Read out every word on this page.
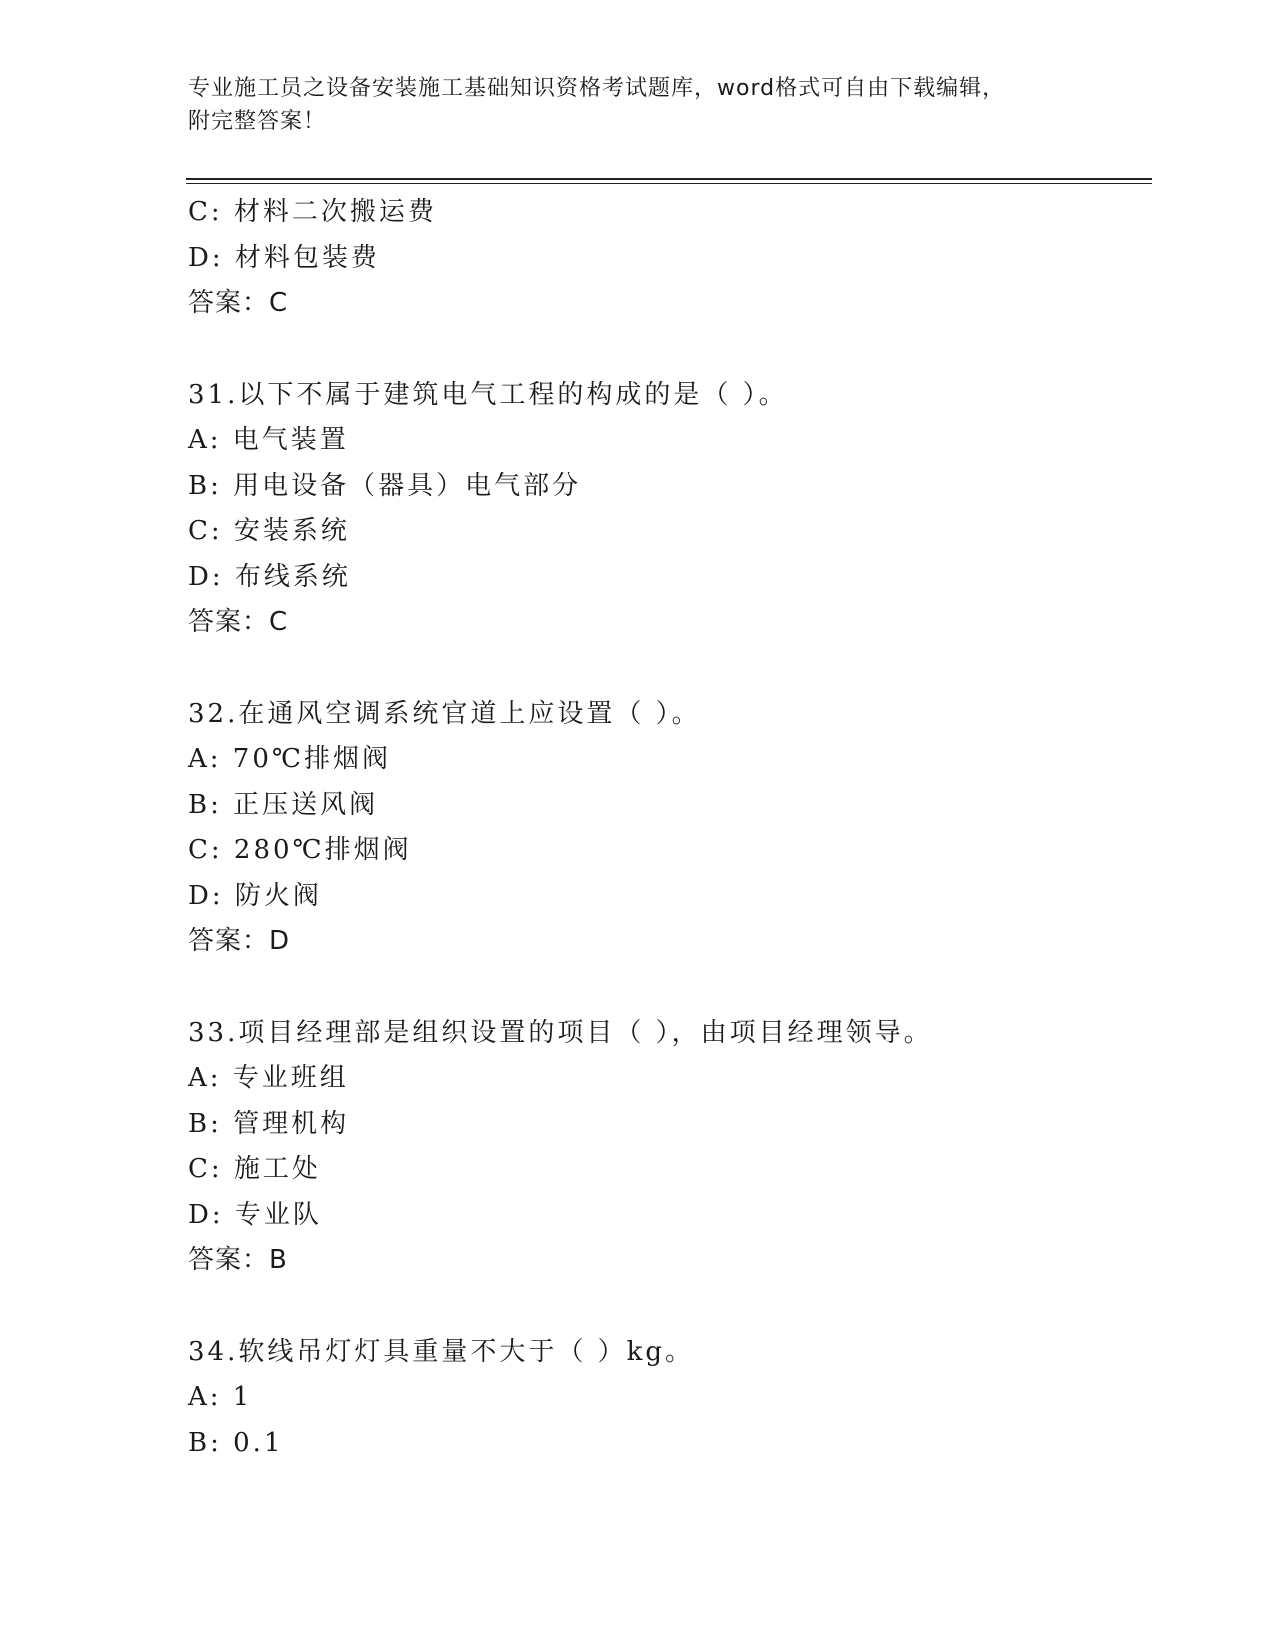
专业施工员之设备安装施工基础知识资格考试题库，word格式可自由下载编辑，
附完整答案！
C: 材料二次搬运费
D: 材料包装费
答案：C
31.以下不属于建筑电气工程的构成的是（ ）。
A: 电气装置
B: 用电设备（器具）电气部分
C: 安装系统
D: 布线系统
答案：C
32.在通风空调系统官道上应设置（ ）。
A: 70℃排烟阀
B: 正压送风阀
C: 280℃排烟阀
D: 防火阀
答案：D
33.项目经理部是组织设置的项目（ ），由项目经理领导。
A: 专业班组
B: 管理机构
C: 施工处
D: 专业队
答案：B
34.软线吊灯灯具重量不大于（ ）kg。
A: 1
B: 0.1
